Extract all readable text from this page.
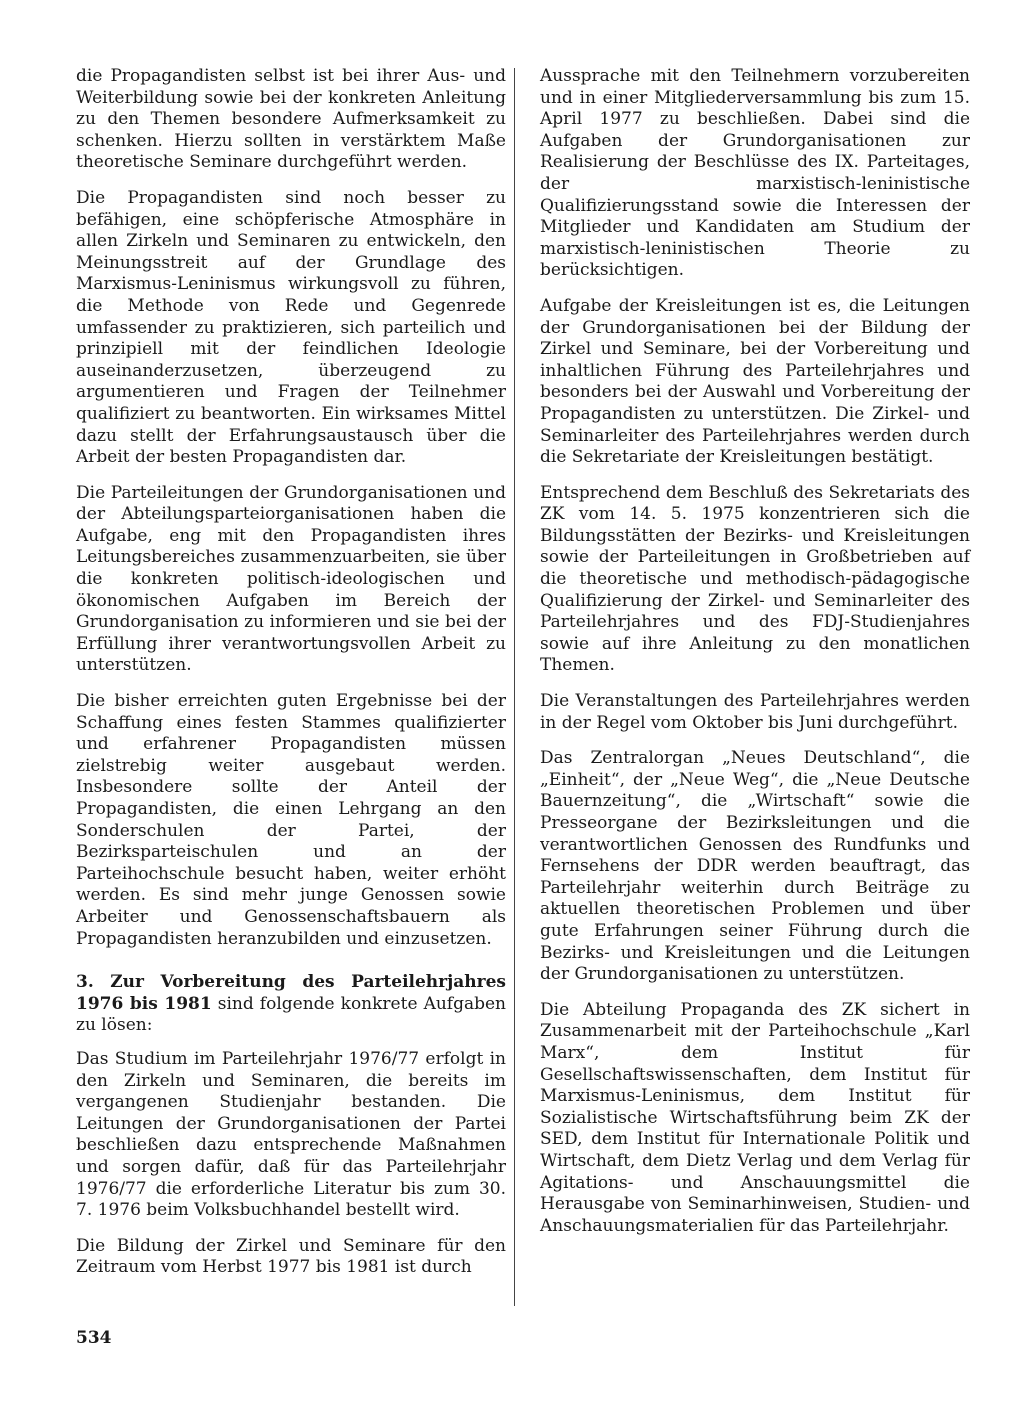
die Propagandisten selbst ist bei ihrer Aus- und Weiterbildung sowie bei der konkreten Anleitung zu den Themen besondere Aufmerksamkeit zu schenken. Hierzu sollten in verstärktem Maße theoretische Seminare durchgeführt werden.

Die Propagandisten sind noch besser zu befähigen, eine schöpferische Atmosphäre in allen Zirkeln und Seminaren zu entwickeln, den Meinungsstreit auf der Grundlage des Marxismus-Leninismus wirkungsvoll zu führen, die Methode von Rede und Gegenrede umfassender zu praktizieren, sich parteilich und prinzipiell mit der feindlichen Ideologie auseinanderzusetzen, überzeugend zu argumentieren und Fragen der Teilnehmer qualifiziert zu beantworten. Ein wirksames Mittel dazu stellt der Erfahrungsaustausch über die Arbeit der besten Propagandisten dar.

Die Parteileitungen der Grundorganisationen und der Abteilungsparteiorganisationen haben die Aufgabe, eng mit den Propagandisten ihres Leitungsbereiches zusammenzuarbeiten, sie über die konkreten politisch-ideologischen und ökonomischen Aufgaben im Bereich der Grundorganisation zu informieren und sie bei der Erfüllung ihrer verantwortungsvollen Arbeit zu unterstützen.

Die bisher erreichten guten Ergebnisse bei der Schaffung eines festen Stammes qualifizierter und erfahrener Propagandisten müssen zielstrebig weiter ausgebaut werden. Insbesondere sollte der Anteil der Propagandisten, die einen Lehrgang an den Sonderschulen der Partei, der Bezirksparteischulen und an der Parteihochschule besucht haben, weiter erhöht werden. Es sind mehr junge Genossen sowie Arbeiter und Genossenschaftsbauern als Propagandisten heranzubilden und einzusetzen.

3. Zur Vorbereitung des Parteilehrjahres 1976 bis 1981 sind folgende konkrete Aufgaben zu lösen:

Das Studium im Parteilehrjahr 1976/77 erfolgt in den Zirkeln und Seminaren, die bereits im vergangenen Studienjahr bestanden. Die Leitungen der Grundorganisationen der Partei beschließen dazu entsprechende Maßnahmen und sorgen dafür, daß für das Parteilehrjahr 1976/77 die erforderliche Literatur bis zum 30. 7. 1976 beim Volksbuchhandel bestellt wird.

Die Bildung der Zirkel und Seminare für den Zeitraum vom Herbst 1977 bis 1981 ist durch

Aussprache mit den Teilnehmern vorzubereiten und in einer Mitgliederversammlung bis zum 15. April 1977 zu beschließen. Dabei sind die Aufgaben der Grundorganisationen zur Realisierung der Beschlüsse des IX. Parteitages, der marxistisch-leninistische Qualifizierungsstand sowie die Interessen der Mitglieder und Kandidaten am Studium der marxistisch-leninistischen Theorie zu berücksichtigen.

Aufgabe der Kreisleitungen ist es, die Leitungen der Grundorganisationen bei der Bildung der Zirkel und Seminare, bei der Vorbereitung und inhaltlichen Führung des Parteilehrjahres und besonders bei der Auswahl und Vorbereitung der Propagandisten zu unterstützen. Die Zirkel- und Seminarleiter des Parteilehrjahres werden durch die Sekretariate der Kreisleitungen bestätigt.

Entsprechend dem Beschluß des Sekretariats des ZK vom 14. 5. 1975 konzentrieren sich die Bildungsstätten der Bezirks- und Kreisleitungen sowie der Parteileitungen in Großbetrieben auf die theoretische und methodisch-pädagogische Qualifizierung der Zirkel- und Seminarleiter des Parteilehrjahres und des FDJ-Studienjahres sowie auf ihre Anleitung zu den monatlichen Themen.

Die Veranstaltungen des Parteilehrjahres werden in der Regel vom Oktober bis Juni durchgeführt.

Das Zentralorgan „Neues Deutschland“, die „Einheit“, der „Neue Weg“, die „Neue Deutsche Bauernzeitung“, die „Wirtschaft“ sowie die Presseorgane der Bezirksleitungen und die verantwortlichen Genossen des Rundfunks und Fernsehens der DDR werden beauftragt, das Parteilehrjahr weiterhin durch Beiträge zu aktuellen theoretischen Problemen und über gute Erfahrungen seiner Führung durch die Bezirks- und Kreisleitungen und die Leitungen der Grundorganisationen zu unterstützen.

Die Abteilung Propaganda des ZK sichert in Zusammenarbeit mit der Parteihochschule „Karl Marx“, dem Institut für Gesellschaftswissenschaften, dem Institut für Marxismus-Leninismus, dem Institut für Sozialistische Wirtschaftsführung beim ZK der SED, dem Institut für Internationale Politik und Wirtschaft, dem Dietz Verlag und dem Verlag für Agitations- und Anschauungsmittel die Herausgabe von Seminarhinweisen, Studien- und Anschauungsmaterialien für das Parteilehrjahr.

534
